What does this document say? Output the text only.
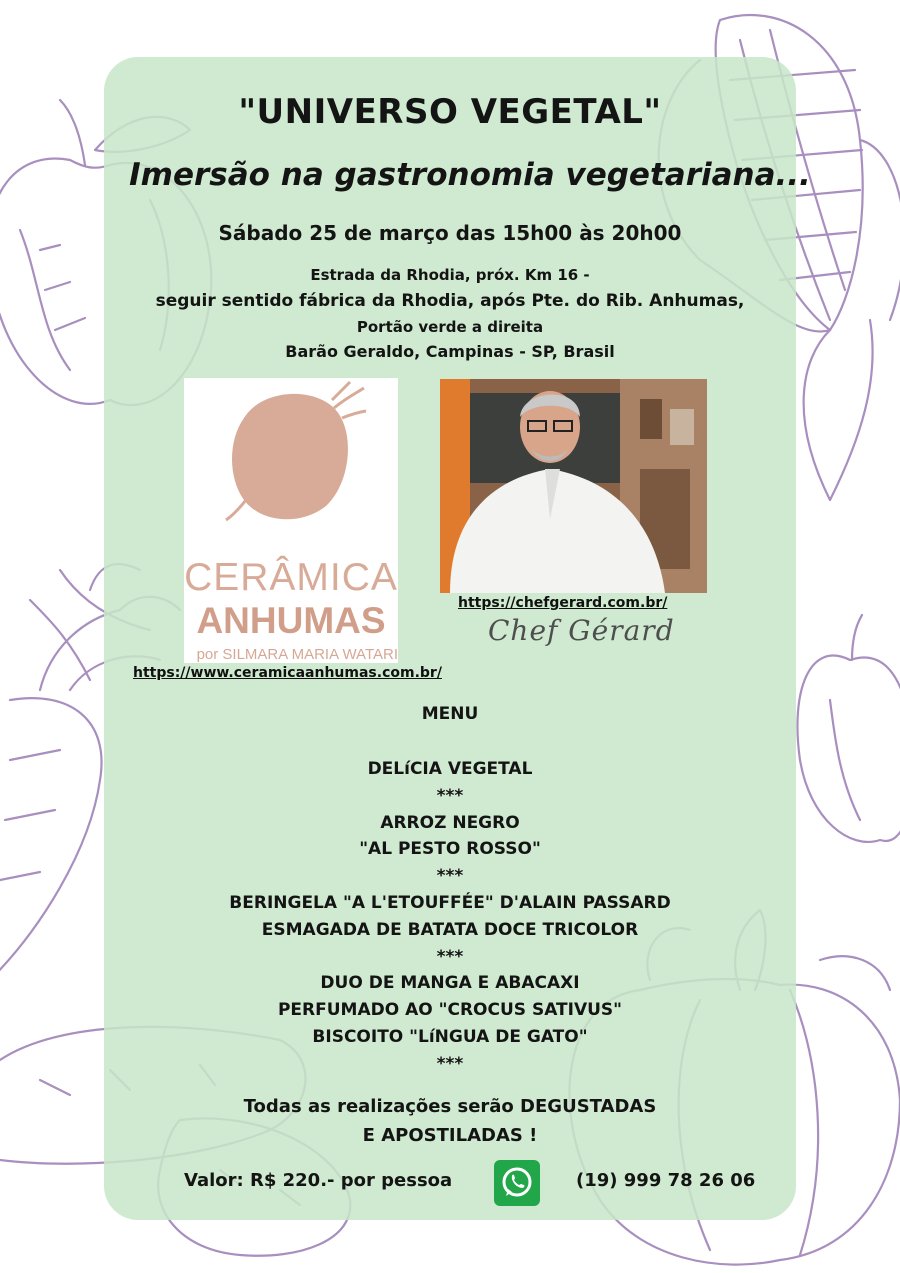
"UNIVERSO VEGETAL"
Imersão na gastronomia vegetariana...
Sábado 25 de março das 15h00 às 20h00
Estrada da Rhodia, próx. Km 16 -
seguir sentido fábrica da Rhodia, após Pte. do Rib. Anhumas,
Portão verde a direita
Barão Geraldo, Campinas - SP, Brasil
CERÂMICA
ANHUMAS
por SILMARA MARIA WATARI
https://chefgerard.com.br/
Chef Gérard
https://www.ceramicaanhumas.com.br/
MENU
DELíCIA VEGETAL
***
ARROZ NEGRO
"AL PESTO ROSSO"
***
BERINGELA "A L'ETOUFFÉE" D'ALAIN PASSARD
ESMAGADA DE BATATA DOCE TRICOLOR
***
DUO DE MANGA E ABACAXI
PERFUMADO AO "CROCUS SATIVUS"
BISCOITO "LíNGUA DE GATO"
***
Todas as realizações serão DEGUSTADAS
E APOSTILADAS !
Valor: R$ 220.- por pessoa	(19) 999 78 26 06
